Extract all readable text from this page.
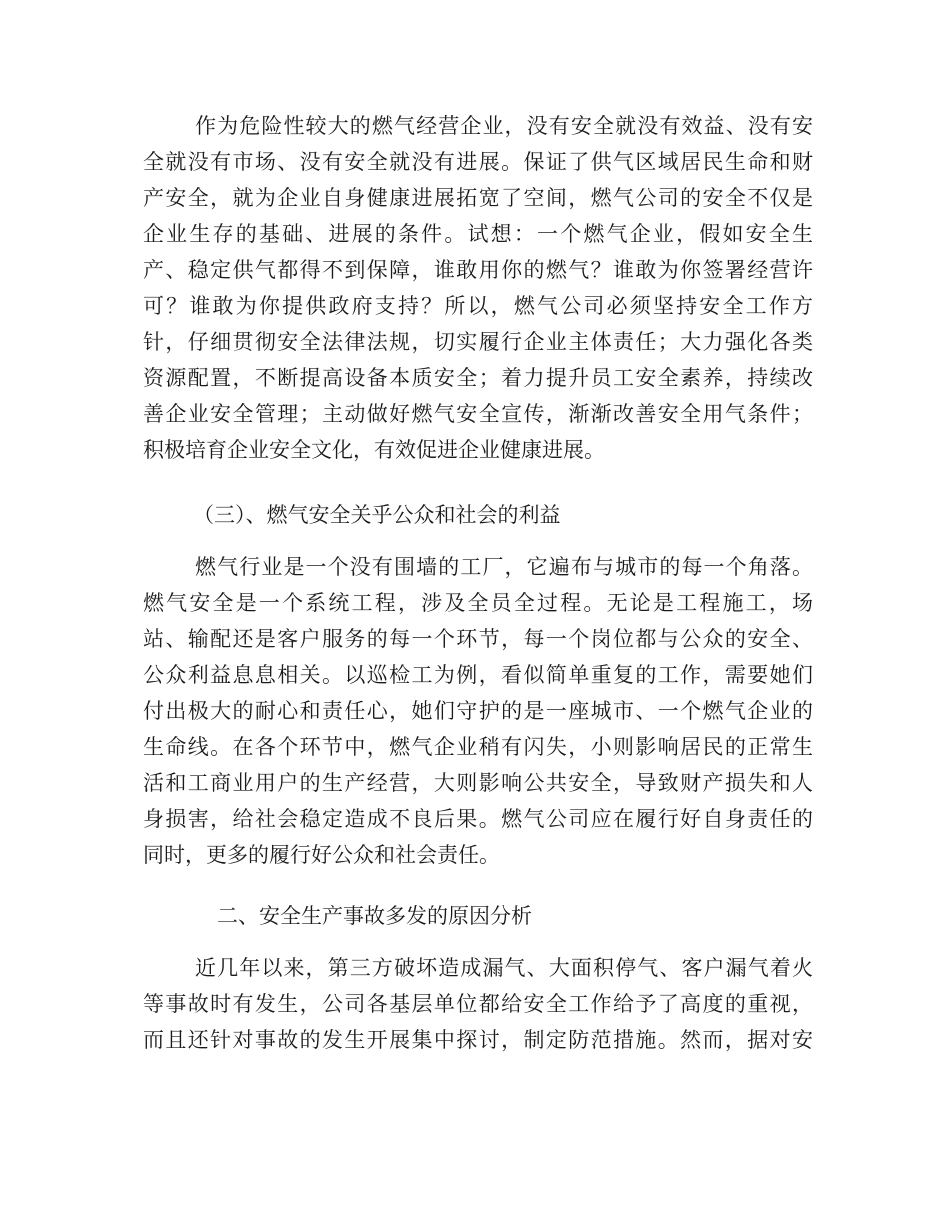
作为危险性较大的燃气经营企业，没有安全就没有效益、没有安
全就没有市场、没有安全就没有进展。保证了供气区域居民生命和财
产安全，就为企业自身健康进展拓宽了空间，燃气公司的安全不仅是
企业生存的基础、进展的条件。试想：一个燃气企业，假如安全生
产、稳定供气都得不到保障，谁敢用你的燃气？谁敢为你签署经营许
可？谁敢为你提供政府支持？所以，燃气公司必须坚持安全工作方
针，仔细贯彻安全法律法规，切实履行企业主体责任；大力强化各类
资源配置，不断提高设备本质安全；着力提升员工安全素养，持续改
善企业安全管理；主动做好燃气安全宣传，渐渐改善安全用气条件；
积极培育企业安全文化，有效促进企业健康进展。
（三）、燃气安全关乎公众和社会的利益
燃气行业是一个没有围墙的工厂，它遍布与城市的每一个角落。
燃气安全是一个系统工程，涉及全员全过程。无论是工程施工，场
站、输配还是客户服务的每一个环节，每一个岗位都与公众的安全、
公众利益息息相关。以巡检工为例，看似简单重复的工作，需要她们
付出极大的耐心和责任心，她们守护的是一座城市、一个燃气企业的
生命线。在各个环节中，燃气企业稍有闪失，小则影响居民的正常生
活和工商业用户的生产经营，大则影响公共安全，导致财产损失和人
身损害，给社会稳定造成不良后果。燃气公司应在履行好自身责任的
同时，更多的履行好公众和社会责任。
二、安全生产事故多发的原因分析
近几年以来，第三方破坏造成漏气、大面积停气、客户漏气着火
等事故时有发生，公司各基层单位都给安全工作给予了高度的重视，
而且还针对事故的发生开展集中探讨，制定防范措施。然而，据对安
